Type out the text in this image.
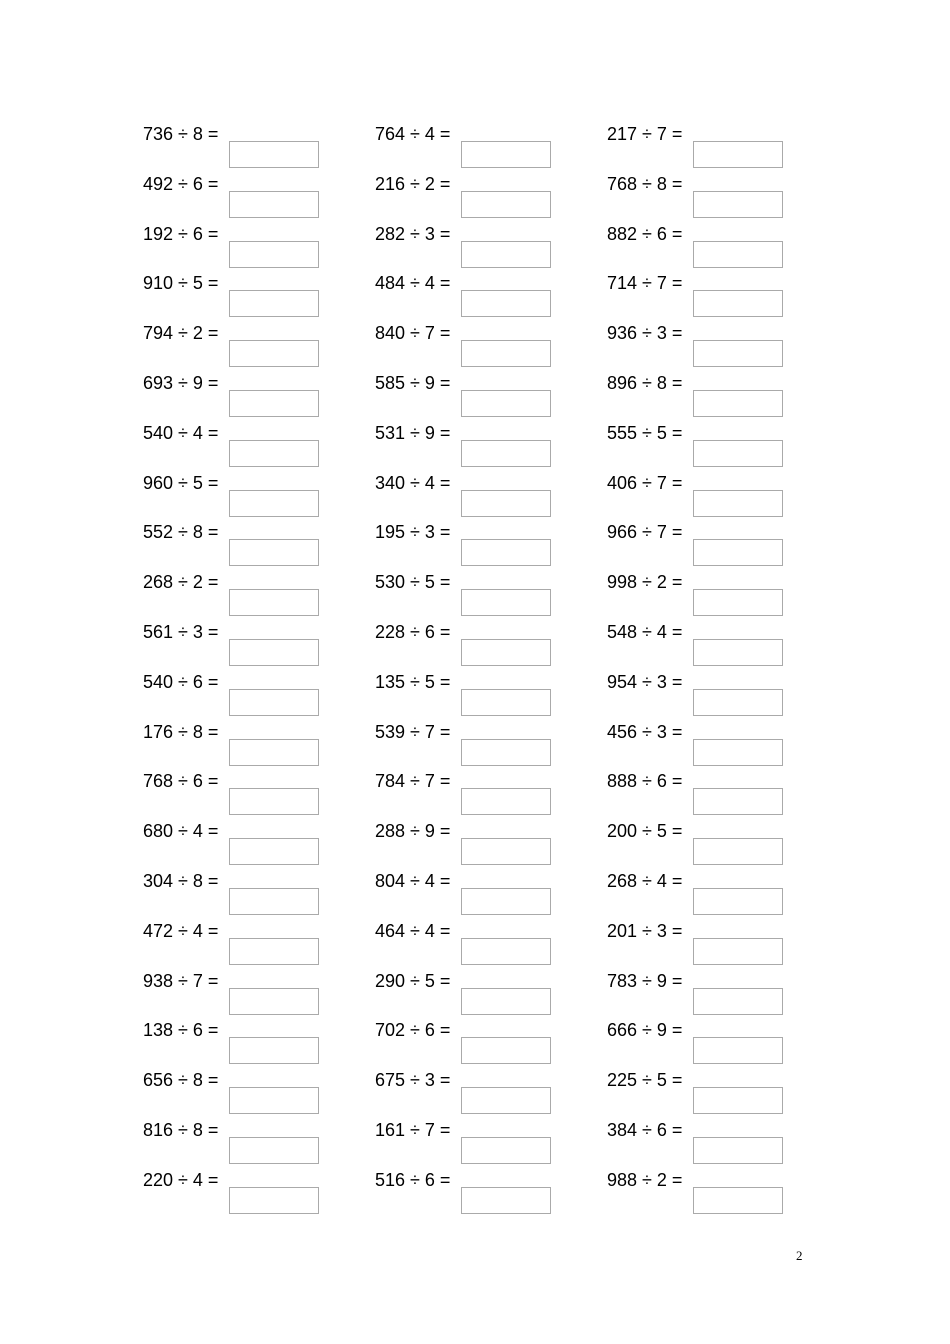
736 ÷ 8 =
492 ÷ 6 =
192 ÷ 6 =
910 ÷ 5 =
794 ÷ 2 =
693 ÷ 9 =
540 ÷ 4 =
960 ÷ 5 =
552 ÷ 8 =
268 ÷ 2 =
561 ÷ 3 =
540 ÷ 6 =
176 ÷ 8 =
768 ÷ 6 =
680 ÷ 4 =
304 ÷ 8 =
472 ÷ 4 =
938 ÷ 7 =
138 ÷ 6 =
656 ÷ 8 =
816 ÷ 8 =
220 ÷ 4 =
764 ÷ 4 =
216 ÷ 2 =
282 ÷ 3 =
484 ÷ 4 =
840 ÷ 7 =
585 ÷ 9 =
531 ÷ 9 =
340 ÷ 4 =
195 ÷ 3 =
530 ÷ 5 =
228 ÷ 6 =
135 ÷ 5 =
539 ÷ 7 =
784 ÷ 7 =
288 ÷ 9 =
804 ÷ 4 =
464 ÷ 4 =
290 ÷ 5 =
702 ÷ 6 =
675 ÷ 3 =
161 ÷ 7 =
516 ÷ 6 =
217 ÷ 7 =
768 ÷ 8 =
882 ÷ 6 =
714 ÷ 7 =
936 ÷ 3 =
896 ÷ 8 =
555 ÷ 5 =
406 ÷ 7 =
966 ÷ 7 =
998 ÷ 2 =
548 ÷ 4 =
954 ÷ 3 =
456 ÷ 3 =
888 ÷ 6 =
200 ÷ 5 =
268 ÷ 4 =
201 ÷ 3 =
783 ÷ 9 =
666 ÷ 9 =
225 ÷ 5 =
384 ÷ 6 =
988 ÷ 2 =
2
